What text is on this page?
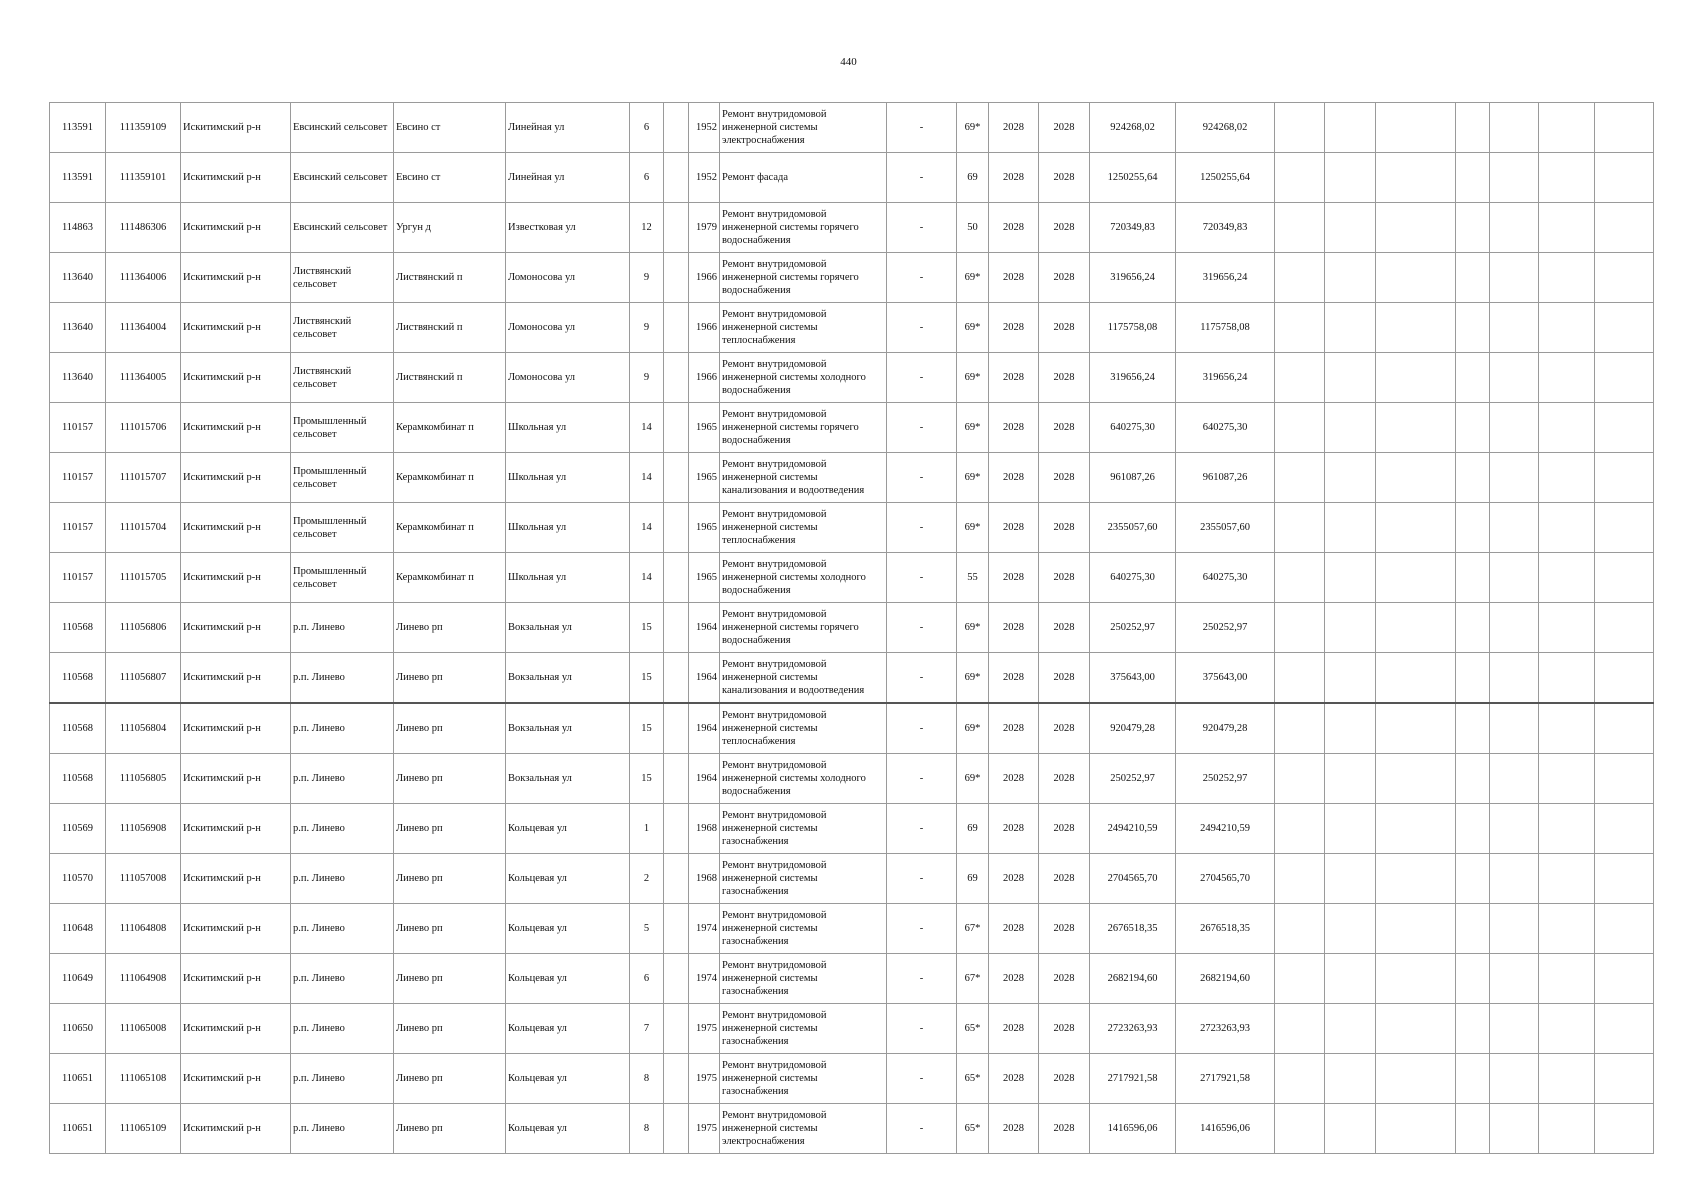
440
113591	111359109	Искитимский р-н	Евсинский сельсовет	Евсино ст	Линейная ул	6		1952	Ремонт внутридомовой
инженерной системы
электроснабжения	-	69*	2028	2028	924268,02	924268,02							
113591	111359101	Искитимский р-н	Евсинский сельсовет	Евсино ст	Линейная ул	6		1952	Ремонт фасада	-	69	2028	2028	1250255,64	1250255,64							
114863	111486306	Искитимский р-н	Евсинский сельсовет	Ургун д	Известковая ул	12		1979	Ремонт внутридомовой
инженерной системы горячего
водоснабжения	-	50	2028	2028	720349,83	720349,83							
113640	111364006	Искитимский р-н	Листвянский сельсовет	Листвянский п	Ломоносова ул	9		1966	Ремонт внутридомовой
инженерной системы горячего
водоснабжения	-	69*	2028	2028	319656,24	319656,24							
113640	111364004	Искитимский р-н	Листвянский сельсовет	Листвянский п	Ломоносова ул	9		1966	Ремонт внутридомовой
инженерной системы
теплоснабжения	-	69*	2028	2028	1175758,08	1175758,08							
113640	111364005	Искитимский р-н	Листвянский сельсовет	Листвянский п	Ломоносова ул	9		1966	Ремонт внутридомовой
инженерной системы холодного
водоснабжения	-	69*	2028	2028	319656,24	319656,24							
110157	111015706	Искитимский р-н	Промышленный сельсовет	Керамкомбинат п	Школьная ул	14		1965	Ремонт внутридомовой
инженерной системы горячего
водоснабжения	-	69*	2028	2028	640275,30	640275,30							
110157	111015707	Искитимский р-н	Промышленный сельсовет	Керамкомбинат п	Школьная ул	14		1965	Ремонт внутридомовой
инженерной системы
канализования и водоотведения	-	69*	2028	2028	961087,26	961087,26							
110157	111015704	Искитимский р-н	Промышленный сельсовет	Керамкомбинат п	Школьная ул	14		1965	Ремонт внутридомовой
инженерной системы
теплоснабжения	-	69*	2028	2028	2355057,60	2355057,60							
110157	111015705	Искитимский р-н	Промышленный сельсовет	Керамкомбинат п	Школьная ул	14		1965	Ремонт внутридомовой
инженерной системы холодного
водоснабжения	-	55	2028	2028	640275,30	640275,30							
110568	111056806	Искитимский р-н	р.п. Линево	Линево рп	Вокзальная ул	15		1964	Ремонт внутридомовой
инженерной системы горячего
водоснабжения	-	69*	2028	2028	250252,97	250252,97							
110568	111056807	Искитимский р-н	р.п. Линево	Линево рп	Вокзальная ул	15		1964	Ремонт внутридомовой
инженерной системы
канализования и водоотведения	-	69*	2028	2028	375643,00	375643,00							
110568	111056804	Искитимский р-н	р.п. Линево	Линево рп	Вокзальная ул	15		1964	Ремонт внутридомовой
инженерной системы
теплоснабжения	-	69*	2028	2028	920479,28	920479,28							
110568	111056805	Искитимский р-н	р.п. Линево	Линево рп	Вокзальная ул	15		1964	Ремонт внутридомовой
инженерной системы холодного
водоснабжения	-	69*	2028	2028	250252,97	250252,97							
110569	111056908	Искитимский р-н	р.п. Линево	Линево рп	Кольцевая ул	1		1968	Ремонт внутридомовой
инженерной системы
газоснабжения	-	69	2028	2028	2494210,59	2494210,59							
110570	111057008	Искитимский р-н	р.п. Линево	Линево рп	Кольцевая ул	2		1968	Ремонт внутридомовой
инженерной системы
газоснабжения	-	69	2028	2028	2704565,70	2704565,70							
110648	111064808	Искитимский р-н	р.п. Линево	Линево рп	Кольцевая ул	5		1974	Ремонт внутридомовой
инженерной системы
газоснабжения	-	67*	2028	2028	2676518,35	2676518,35							
110649	111064908	Искитимский р-н	р.п. Линево	Линево рп	Кольцевая ул	6		1974	Ремонт внутридомовой
инженерной системы
газоснабжения	-	67*	2028	2028	2682194,60	2682194,60							
110650	111065008	Искитимский р-н	р.п. Линево	Линево рп	Кольцевая ул	7		1975	Ремонт внутридомовой
инженерной системы
газоснабжения	-	65*	2028	2028	2723263,93	2723263,93							
110651	111065108	Искитимский р-н	р.п. Линево	Линево рп	Кольцевая ул	8		1975	Ремонт внутридомовой
инженерной системы
газоснабжения	-	65*	2028	2028	2717921,58	2717921,58							
110651	111065109	Искитимский р-н	р.п. Линево	Линево рп	Кольцевая ул	8		1975	Ремонт внутридомовой
инженерной системы
электроснабжения	-	65*	2028	2028	1416596,06	1416596,06							
